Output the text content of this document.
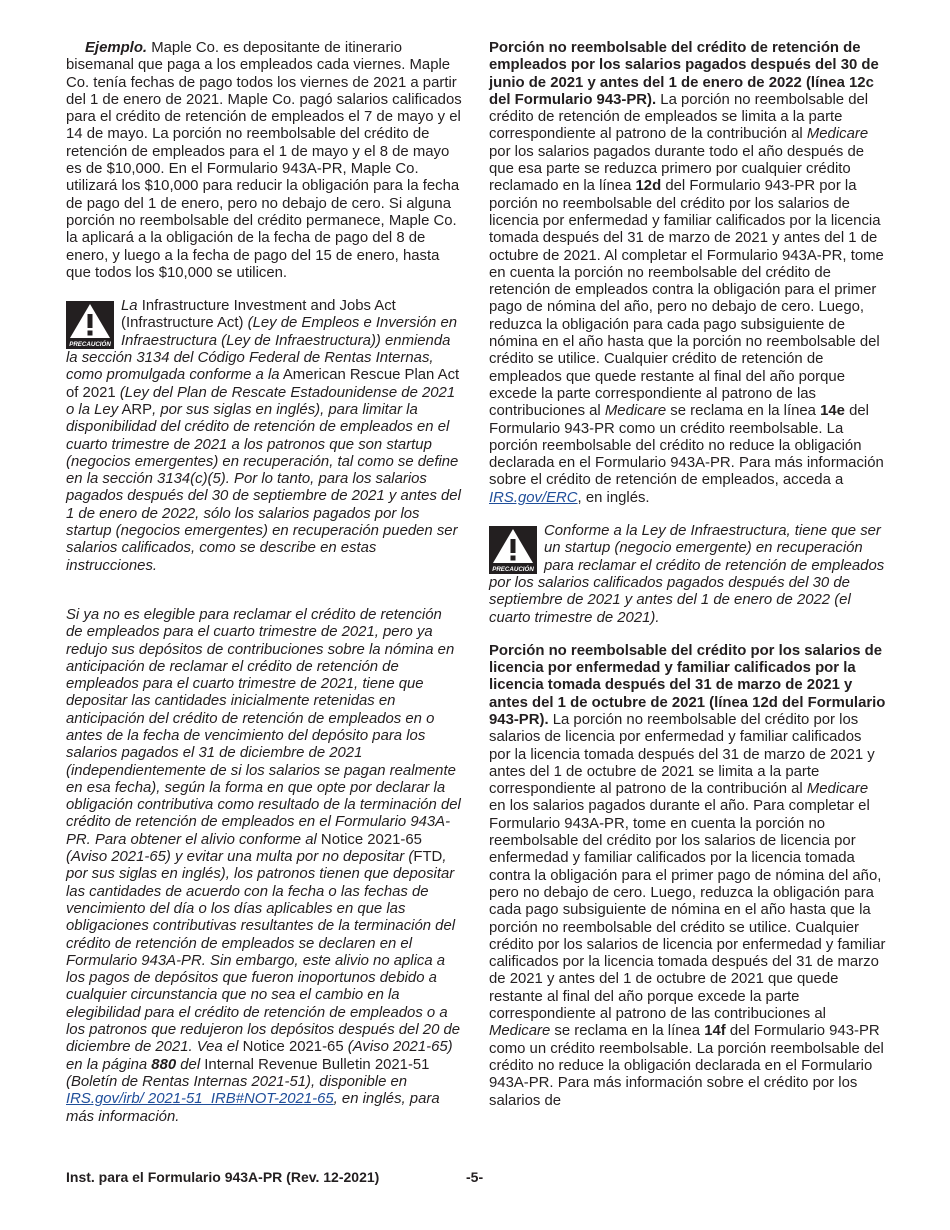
Ejemplo. Maple Co. es depositante de itinerario bisemanal que paga a los empleados cada viernes. Maple Co. tenía fechas de pago todos los viernes de 2021 a partir del 1 de enero de 2021. Maple Co. pagó salarios calificados para el crédito de retención de empleados el 7 de mayo y el 14 de mayo. La porción no reembolsable del crédito de retención de empleados para el 1 de mayo y el 8 de mayo es de $10,000. En el Formulario 943A-PR, Maple Co. utilizará los $10,000 para reducir la obligación para la fecha de pago del 1 de enero, pero no debajo de cero. Si alguna porción no reembolsable del crédito permanece, Maple Co. la aplicará a la obligación de la fecha de pago del 8 de enero, y luego a la fecha de pago del 15 de enero, hasta que todos los $10,000 se utilicen.

PRECAUCIÓN

La Infrastructure Investment and Jobs Act (Infrastructure Act) (Ley de Empleos e Inversión en Infraestructura (Ley de Infraestructura)) enmienda la sección 3134 del Código Federal de Rentas Internas, como promulgada conforme a la American Rescue Plan Act of 2021 (Ley del Plan de Rescate Estadounidense de 2021 o la Ley ARP, por sus siglas en inglés), para limitar la disponibilidad del crédito de retención de empleados en el cuarto trimestre de 2021 a los patronos que son startup (negocios emergentes) en recuperación, tal como se define en la sección 3134(c)(5). Por lo tanto, para los salarios pagados después del 30 de septiembre de 2021 y antes del 1 de enero de 2022, sólo los salarios pagados por los startup (negocios emergentes) en recuperación pueden ser salarios calificados, como se describe en estas instrucciones.

Si ya no es elegible para reclamar el crédito de retención de empleados para el cuarto trimestre de 2021, pero ya redujo sus depósitos de contribuciones sobre la nómina en anticipación de reclamar el crédito de retención de empleados para el cuarto trimestre de 2021, tiene que depositar las cantidades inicialmente retenidas en anticipación del crédito de retención de empleados en o antes de la fecha de vencimiento del depósito para los salarios pagados el 31 de diciembre de 2021 (independientemente de si los salarios se pagan realmente en esa fecha), según la forma en que opte por declarar la obligación contributiva como resultado de la terminación del crédito de retención de empleados en el Formulario 943A-PR. Para obtener el alivio conforme al Notice 2021-65 (Aviso 2021-65) y evitar una multa por no depositar (FTD, por sus siglas en inglés), los patronos tienen que depositar las cantidades de acuerdo con la fecha o las fechas de vencimiento del día o los días aplicables en que las obligaciones contributivas resultantes de la terminación del crédito de retención de empleados se declaren en el Formulario 943A-PR. Sin embargo, este alivio no aplica a los pagos de depósitos que fueron inoportunos debido a cualquier circunstancia que no sea el cambio en la elegibilidad para el crédito de retención de empleados o a los patronos que redujeron los depósitos después del 20 de diciembre de 2021. Vea el Notice 2021-65 (Aviso 2021-65) en la página 880 del Internal Revenue Bulletin 2021-51 (Boletín de Rentas Internas 2021-51), disponible en IRS.gov/irb/ 2021-51_IRB#NOT-2021-65, en inglés, para más información.

Porción no reembolsable del crédito de retención de empleados por los salarios pagados después del 30 de junio de 2021 y antes del 1 de enero de 2022 (línea 12c del Formulario 943-PR). La porción no reembolsable del crédito de retención de empleados se limita a la parte correspondiente al patrono de la contribución al Medicare por los salarios pagados durante todo el año después de que esa parte se reduzca primero por cualquier crédito reclamado en la línea 12d del Formulario 943-PR por la porción no reembolsable del crédito por los salarios de licencia por enfermedad y familiar calificados por la licencia tomada después del 31 de marzo de 2021 y antes del 1 de octubre de 2021. Al completar el Formulario 943A-PR, tome en cuenta la porción no reembolsable del crédito de retención de empleados contra la obligación para el primer pago de nómina del año, pero no debajo de cero. Luego, reduzca la obligación para cada pago subsiguiente de nómina en el año hasta que la porción no reembolsable del crédito se utilice. Cualquier crédito de retención de empleados que quede restante al final del año porque excede la parte correspondiente al patrono de las contribuciones al Medicare se reclama en la línea 14e del Formulario 943-PR como un crédito reembolsable. La porción reembolsable del crédito no reduce la obligación declarada en el Formulario 943A-PR. Para más información sobre el crédito de retención de empleados, acceda a IRS.gov/ERC, en inglés.

PRECAUCIÓN

Conforme a la Ley de Infraestructura, tiene que ser un startup (negocio emergente) en recuperación para reclamar el crédito de retención de empleados por los salarios calificados pagados después del 30 de septiembre de 2021 y antes del 1 de enero de 2022 (el cuarto trimestre de 2021).

Porción no reembolsable del crédito por los salarios de licencia por enfermedad y familiar calificados por la licencia tomada después del 31 de marzo de 2021 y antes del 1 de octubre de 2021 (línea 12d del Formulario 943-PR). La porción no reembolsable del crédito por los salarios de licencia por enfermedad y familiar calificados por la licencia tomada después del 31 de marzo de 2021 y antes del 1 de octubre de 2021 se limita a la parte correspondiente al patrono de la contribución al Medicare en los salarios pagados durante el año. Para completar el Formulario 943A-PR, tome en cuenta la porción no reembolsable del crédito por los salarios de licencia por enfermedad y familiar calificados por la licencia tomada contra la obligación para el primer pago de nómina del año, pero no debajo de cero. Luego, reduzca la obligación para cada pago subsiguiente de nómina en el año hasta que la porción no reembolsable del crédito se utilice. Cualquier crédito por los salarios de licencia por enfermedad y familiar calificados por la licencia tomada después del 31 de marzo de 2021 y antes del 1 de octubre de 2021 que quede restante al final del año porque excede la parte correspondiente al patrono de las contribuciones al Medicare se reclama en la línea 14f del Formulario 943-PR como un crédito reembolsable. La porción reembolsable del crédito no reduce la obligación declarada en el Formulario 943A-PR. Para más información sobre el crédito por los salarios de

Inst. para el Formulario 943A-PR (Rev. 12-2021)	-5-
